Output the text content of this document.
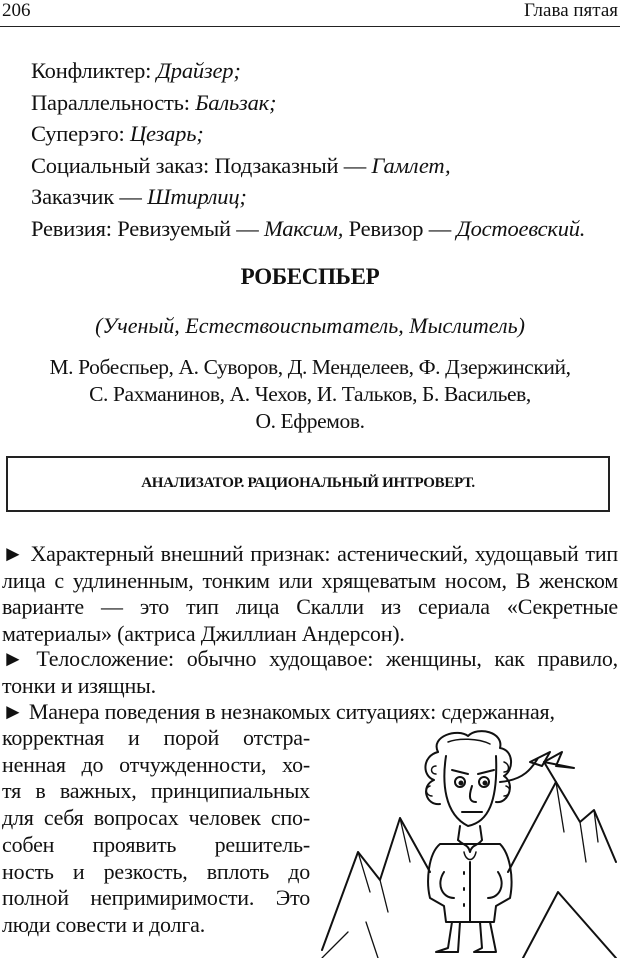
206	Глава пятая
Конфликтер: Драйзер;
Параллельность: Бальзак;
Суперэго: Цезарь;
Социальный заказ: Подзаказный — Гамлет,
Заказчик — Штирлиц;
Ревизия: Ревизуемый — Максим, Ревизор — Достоевский.
РОБЕСПЬЕР
(Ученый, Естествоиспытатель, Мыслитель)
М. Робеспьер, А. Суворов, Д. Менделеев, Ф. Дзержинский,
С. Рахманинов, А. Чехов, И. Тальков, Б. Васильев,
О. Ефремов.
АНАЛИЗАТОР. РАЦИОНАЛЬНЫЙ ИНТРОВЕРТ.
► Характерный внешний признак: астенический, худощавый тип лица с удлиненным, тонким или хрящеватым носом, В женском варианте — это тип лица Скалли из сериала «Секретные материалы» (актриса Джиллиан Андерсон).
► Телосложение: обычно худощавое: женщины, как правило, тонки и изящны.
► Манера поведения в незнакомых ситуациях: сдержанная,
корректная и порой отстра-
ненная до отчужденности, хо-
тя в важных, принципиальных
для себя вопросах человек спо-
собен проявить решитель-
ность и резкость, вплоть до
полной непримиримости. Это
люди совести и долга.
